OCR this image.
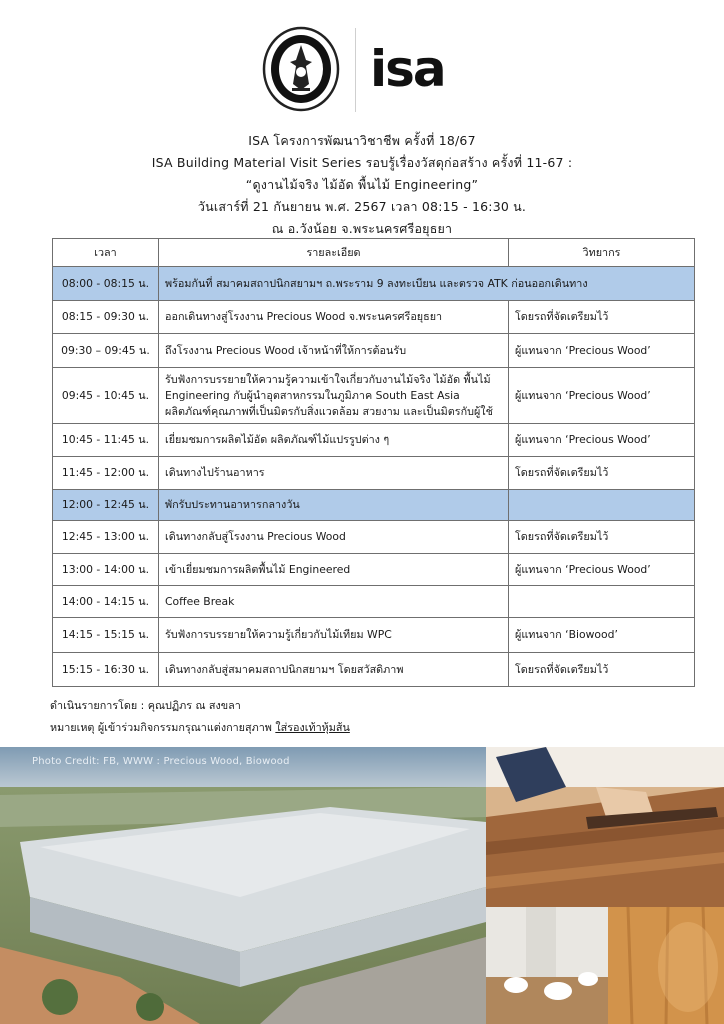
isa
ISA โครงการพัฒนาวิชาชีพ ครั้งที่ 18/67
ISA Building Material Visit Series รอบรู้เรื่องวัสดุก่อสร้าง ครั้งที่ 11-67 :
“ดูงานไม้จริง ไม้อัด พื้นไม้ Engineering”
วันเสาร์ที่ 21 กันยายน พ.ศ. 2567 เวลา 08:15 - 16:30 น.
ณ อ.วังน้อย จ.พระนครศรีอยุธยา
เวลา	รายละเอียด	วิทยากร
08:00 - 08:15 น.	พร้อมกันที่ สมาคมสถาปนิกสยามฯ ถ.พระราม 9 ลงทะเบียน และตรวจ ATK ก่อนออกเดินทาง	

08:15 - 09:30 น.	ออกเดินทางสู่โรงงาน Precious Wood จ.พระนครศรีอยุธยา	โดยรถที่จัดเตรียมไว้
09:30 – 09:45 น.	ถึงโรงงาน Precious Wood เจ้าหน้าที่ให้การต้อนรับ	ผู้แทนจาก ‘Precious Wood’
09:45 - 10:45 น.	รับฟังการบรรยายให้ความรู้ความเข้าใจเกี่ยวกับงานไม้จริง ไม้อัด พื้นไม้
Engineering กับผู้นำอุตสาหกรรมในภูมิภาค South East Asia
ผลิตภัณฑ์คุณภาพที่เป็นมิตรกับสิ่งแวดล้อม สวยงาม และเป็นมิตรกับผู้ใช้	ผู้แทนจาก ‘Precious Wood’
10:45 - 11:45 น.	เยี่ยมชมการผลิตไม้อัด ผลิตภัณฑ์ไม้แปรรูปต่าง ๆ	ผู้แทนจาก ‘Precious Wood’
11:45 - 12:00 น.	เดินทางไปร้านอาหาร	โดยรถที่จัดเตรียมไว้
12:00 - 12:45 น.	พักรับประทานอาหารกลางวัน	

12:45 - 13:00 น.	เดินทางกลับสู่โรงงาน Precious Wood	โดยรถที่จัดเตรียมไว้
13:00 - 14:00 น.	เข้าเยี่ยมชมการผลิตพื้นไม้ Engineered	ผู้แทนจาก ‘Precious Wood’
14:00 - 14:15 น.	Coffee Break	

14:15 - 15:15 น.	รับฟังการบรรยายให้ความรู้เกี่ยวกับไม้เทียม WPC	ผู้แทนจาก ‘Biowood’
15:15 - 16:30 น.	เดินทางกลับสู่สมาคมสถาปนิกสยามฯ โดยสวัสดิภาพ	โดยรถที่จัดเตรียมไว้
ดำเนินรายการโดย : คุณปฏิภร ณ สงขลา
หมายเหตุ ผู้เข้าร่วมกิจกรรมกรุณาแต่งกายสุภาพ ใส่รองเท้าหุ้มส้น
Photo Credit: FB, WWW : Precious Wood, Biowood
